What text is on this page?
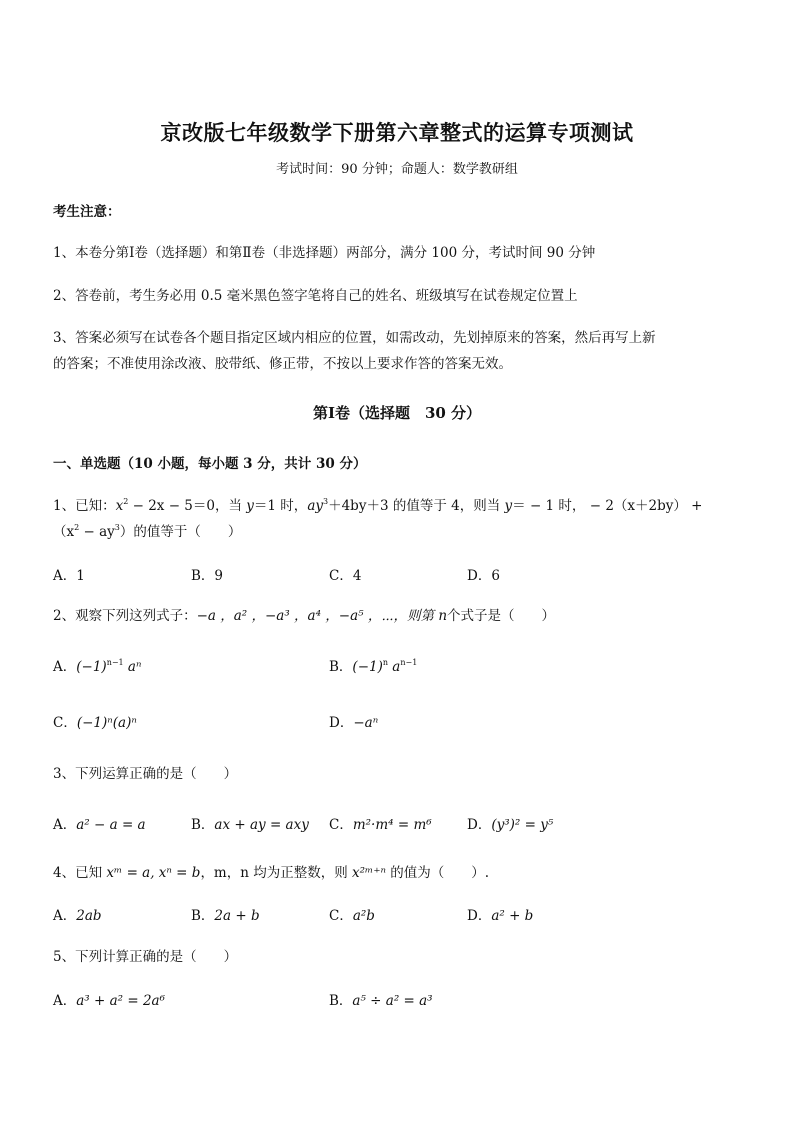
京改版七年级数学下册第六章整式的运算专项测试
考试时间：90 分钟；命题人：数学教研组
考生注意：
1、本卷分第Ⅰ卷（选择题）和第Ⅱ卷（非选择题）两部分，满分 100 分，考试时间 90 分钟
2、答卷前，考生务必用 0.5 毫米黑色签字笔将自己的姓名、班级填写在试卷规定位置上
3、答案必须写在试卷各个题目指定区域内相应的位置，如需改动，先划掉原来的答案，然后再写上新
的答案；不准使用涂改液、胶带纸、修正带，不按以上要求作答的答案无效。
第Ⅰ卷（选择题　30 分）
一、单选题（10 小题，每小题 3 分，共计 30 分）
1、已知：$x^2 - 2x - 5=0$，当 y＝1 时，$ay^3+4by+3$ 的值等于 4，则当 y＝ − 1 时， − 2（x＋2by） +
$(x^2 - ay^3)$的值等于（　　）
A．1	B．9	C．4	D．6
2、观察下列这列式子：−a ，a² ，−a³ ，a⁴ ，−a⁵ ，⋯，则第 n个式子是（　　）
A．$(-1)^{n-1}$ aⁿ	B．$(-1)^n$ $a^{n-1}$
C．(−1)ⁿ(a)ⁿ	D．−aⁿ
3、下列运算正确的是（　　）
A．a² − a = a	B．ax + ay = axy C．m²·m⁴ = m⁶	D．(y³)² = y⁵
4、已知 xᵐ = a, xⁿ = b，m，n 均为正整数，则 x²ᵐ⁺ⁿ 的值为（　　）.
A．2ab	B．2a + b	C．a²b	D．a² + b
5、下列计算正确的是（　　）
A．a³ + a² = 2a⁶	B．a⁵ ÷ a² = a³
